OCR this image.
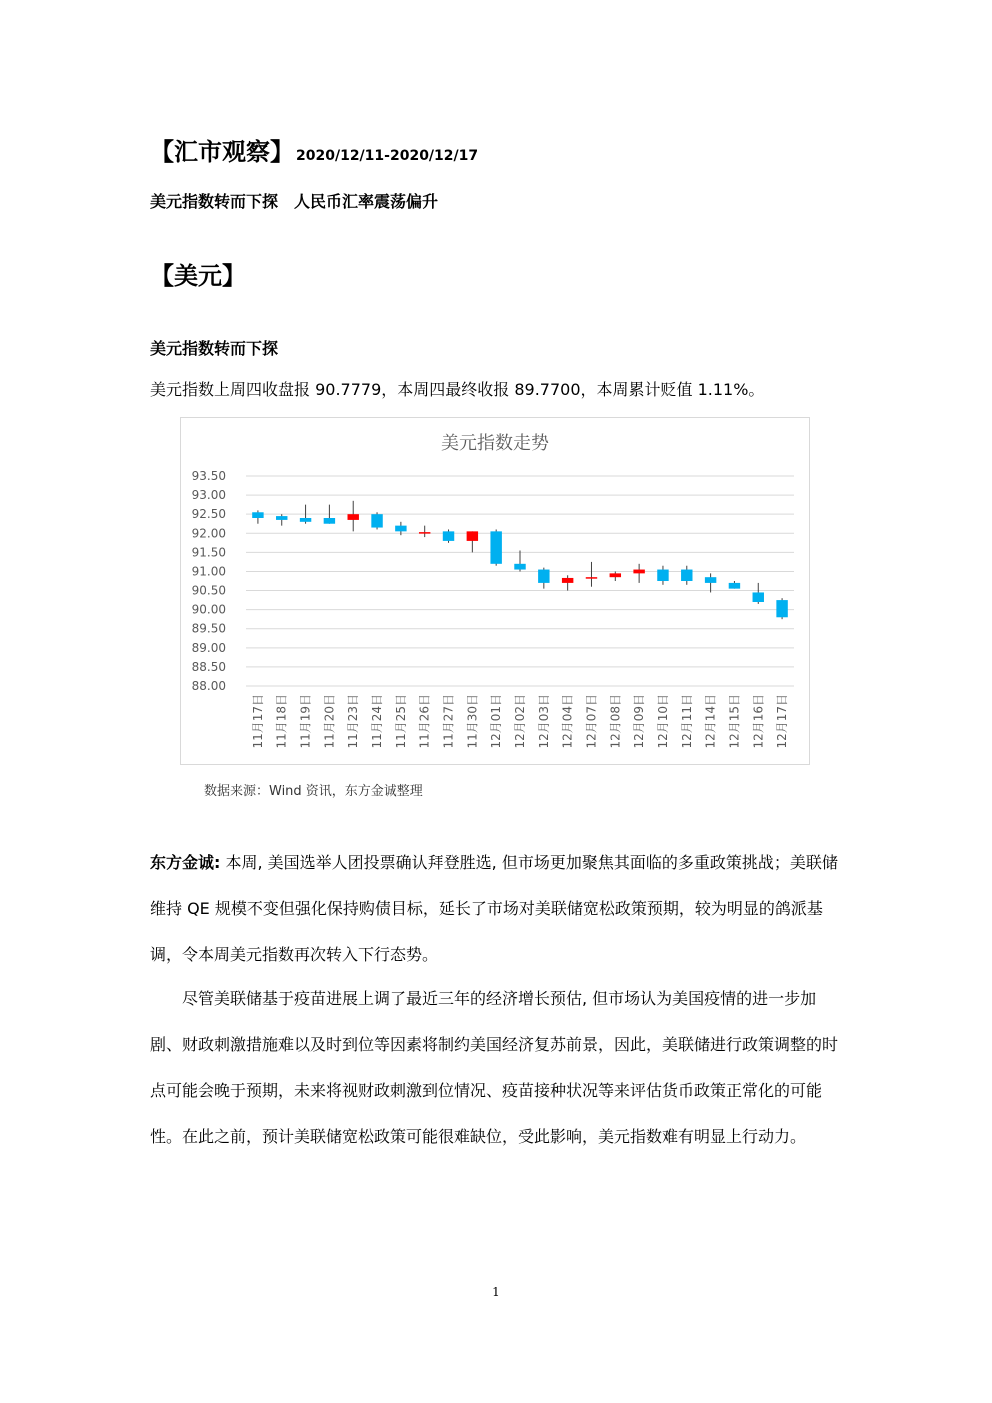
【汇市观察】 2020/12/11-2020/12/17
美元指数转而下探　人民币汇率震荡偏升
【美元】
美元指数转而下探
美元指数上周四收盘报 90.7779，本周四最终收报 89.7700，本周累计贬值 1.11%。
美元指数走势
93.50
93.00
92.50
92.00
91.50
91.00
90.50
90.00
89.50
89.00
88.50
88.00
11月17日 11月18日 11月19日 11月20日 11月23日 11月24日 11月25日 11月26日 11月27日 11月30日 12月01日 12月02日 12月03日 12月04日 12月07日 12月08日 12月09日 12月10日 12月11日 12月14日 12月15日 12月16日 12月17日
数据来源：Wind 资讯，东方金诚整理
东方金诚: 本周, 美国选举人团投票确认拜登胜选, 但市场更加聚焦其面临的多重政策挑战；美联储维持 QE 规模不变但强化保持购债目标，延长了市场对美联储宽松政策预期，较为明显的鸽派基调，令本周美元指数再次转入下行态势。
尽管美联储基于疫苗进展上调了最近三年的经济增长预估, 但市场认为美国疫情的进一步加剧、财政刺激措施难以及时到位等因素将制约美国经济复苏前景，因此，美联储进行政策调整的时点可能会晚于预期，未来将视财政刺激到位情况、疫苗接种状况等来评估货币政策正常化的可能性。在此之前，预计美联储宽松政策可能很难缺位，受此影响，美元指数难有明显上行动力。
1
